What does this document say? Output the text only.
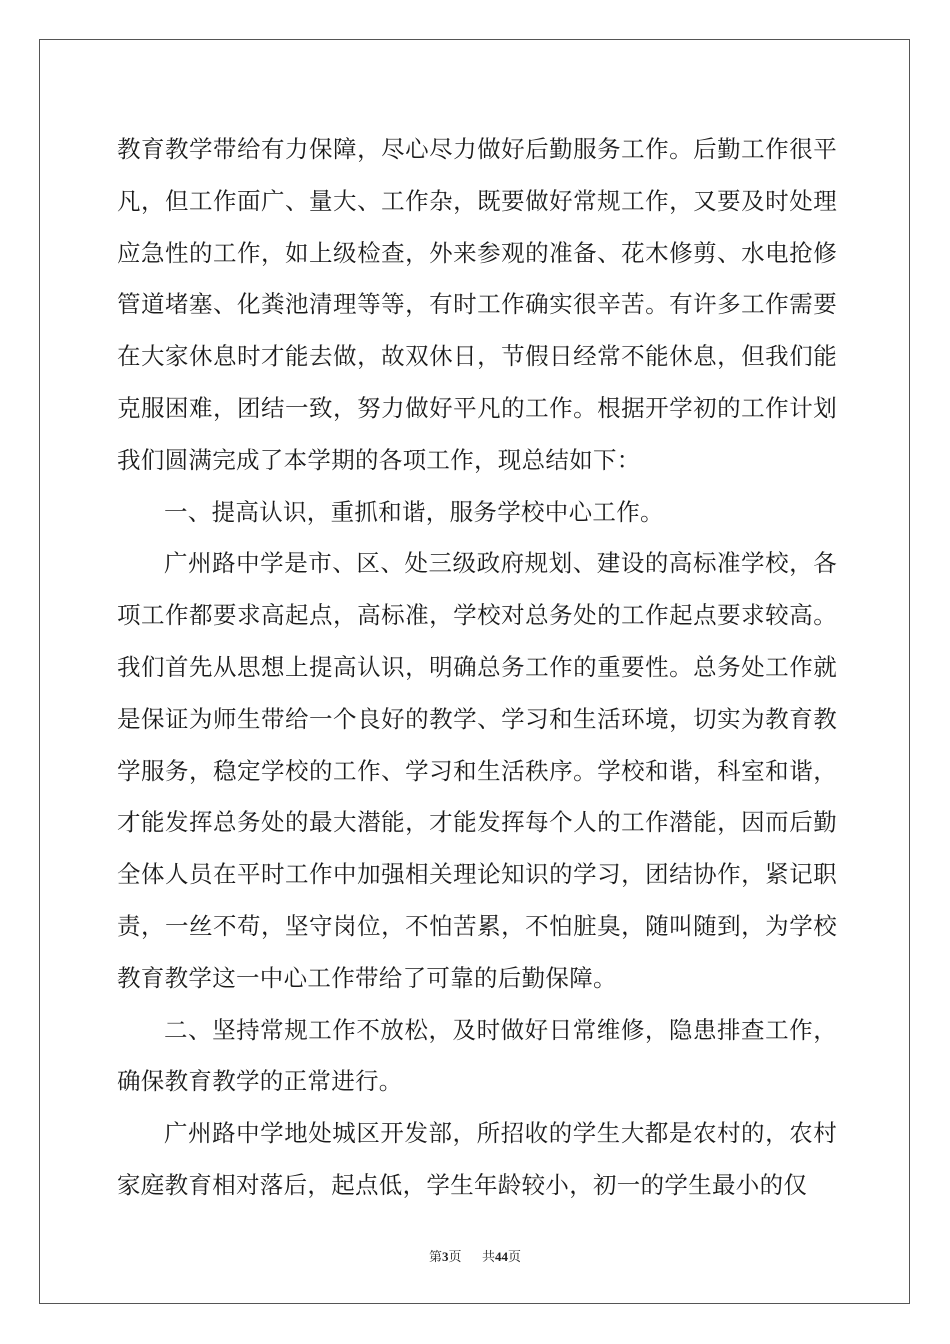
教育教学带给有力保障，尽心尽力做好后勤服务工作。后勤工作很平
凡，但工作面广、量大、工作杂，既要做好常规工作，又要及时处理
应急性的工作，如上级检查，外来参观的准备、花木修剪、水电抢修
管道堵塞、化粪池清理等等，有时工作确实很辛苦。有许多工作需要
在大家休息时才能去做，故双休日，节假日经常不能休息，但我们能
克服困难，团结一致，努力做好平凡的工作。根据开学初的工作计划
我们圆满完成了本学期的各项工作，现总结如下：
一、提高认识，重抓和谐，服务学校中心工作。
广州路中学是市、区、处三级政府规划、建设的高标准学校，各
项工作都要求高起点，高标准，学校对总务处的工作起点要求较高。
我们首先从思想上提高认识，明确总务工作的重要性。总务处工作就
是保证为师生带给一个良好的教学、学习和生活环境，切实为教育教
学服务，稳定学校的工作、学习和生活秩序。学校和谐，科室和谐，
才能发挥总务处的最大潜能，才能发挥每个人的工作潜能，因而后勤
全体人员在平时工作中加强相关理论知识的学习，团结协作，紧记职
责，一丝不苟，坚守岗位，不怕苦累，不怕脏臭，随叫随到，为学校
教育教学这一中心工作带给了可靠的后勤保障。
二、坚持常规工作不放松，及时做好日常维修，隐患排查工作，
确保教育教学的正常进行。
广州路中学地处城区开发部，所招收的学生大都是农村的，农村
家庭教育相对落后，起点低，学生年龄较小，初一的学生最小的仅
第3页 共44页
